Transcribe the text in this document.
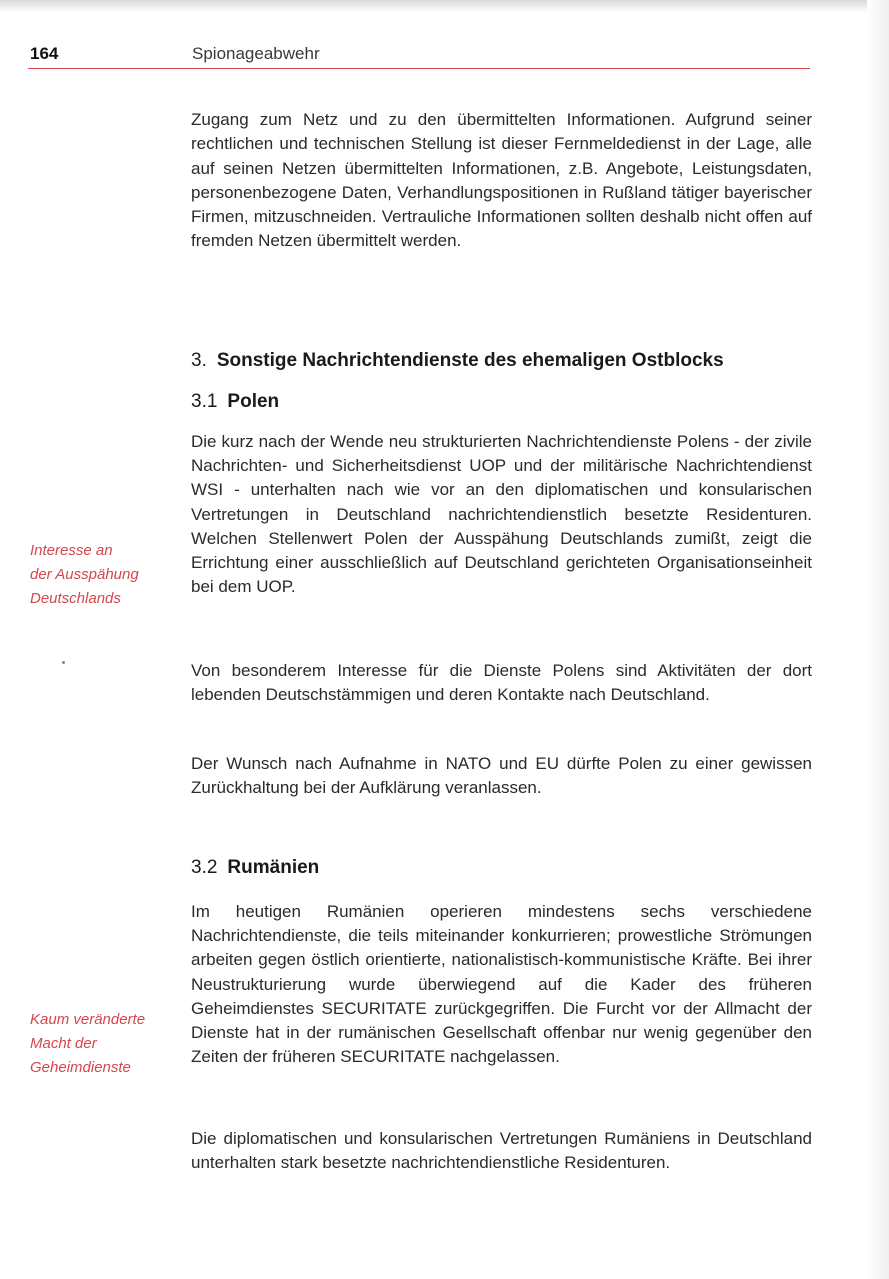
164	Spionageabwehr

Zugang zum Netz und zu den übermittelten Informationen. Aufgrund seiner rechtlichen und technischen Stellung ist dieser Fernmeldedienst in der Lage, alle auf seinen Netzen übermittelten Informationen, z.B. Angebote, Leistungsdaten, personenbezogene Daten, Verhandlungspositionen in Rußland tätiger bayerischer Firmen, mitzuschneiden. Vertrauliche Informationen sollten deshalb nicht offen auf fremden Netzen übermittelt werden.

3. Sonstige Nachrichtendienste des ehemaligen Ostblocks
3.1 Polen

Die kurz nach der Wende neu strukturierten Nachrichtendienste Polens - der zivile Nachrichten- und Sicherheitsdienst UOP und der militärische Nachrichtendienst WSI - unterhalten nach wie vor an den diplomatischen und konsularischen Vertretungen in Deutschland nachrichtendienstlich besetzte Residenturen. Welchen Stellenwert Polen der Ausspähung Deutschlands zumißt, zeigt die Errichtung einer ausschließlich auf Deutschland gerichteten Organisationseinheit bei dem UOP.

Interesse an
der Ausspähung
Deutschlands

Von besonderem Interesse für die Dienste Polens sind Aktivitäten der dort lebenden Deutschstämmigen und deren Kontakte nach Deutschland.

Der Wunsch nach Aufnahme in NATO und EU dürfte Polen zu einer gewissen Zurückhaltung bei der Aufklärung veranlassen.

3.2 Rumänien

Im heutigen Rumänien operieren mindestens sechs verschiedene Nachrichtendienste, die teils miteinander konkurrieren; prowestliche Strömungen arbeiten gegen östlich orientierte, nationalistisch-kommunistische Kräfte. Bei ihrer Neustrukturierung wurde überwiegend auf die Kader des früheren Geheimdienstes SECURITATE zurückgegriffen. Die Furcht vor der Allmacht der Dienste hat in der rumänischen Gesellschaft offenbar nur wenig gegenüber den Zeiten der früheren SECURITATE nachgelassen.

Kaum veränderte
Macht der
Geheimdienste

Die diplomatischen und konsularischen Vertretungen Rumäniens in Deutschland unterhalten stark besetzte nachrichtendienstliche Residenturen.
